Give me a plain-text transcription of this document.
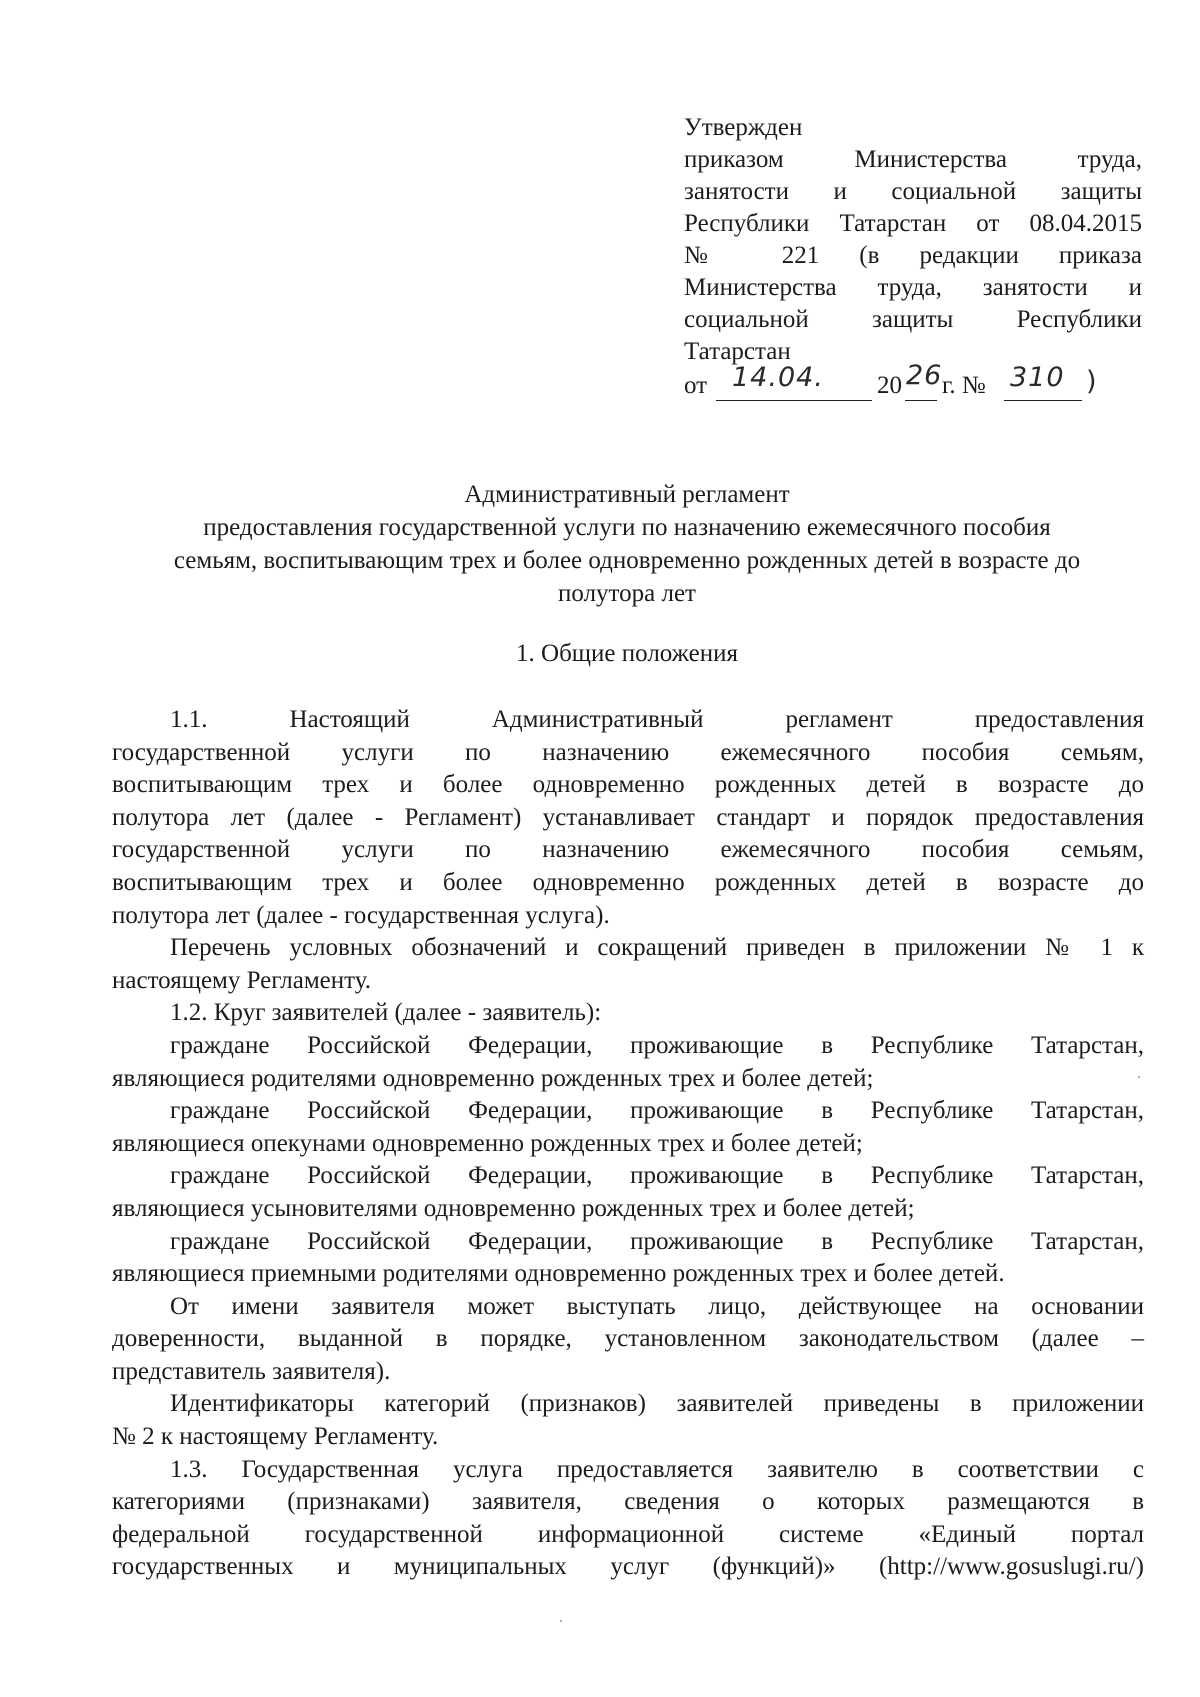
Утвержден
приказом Министерства труда,
занятости и социальной защиты
Республики Татарстан от 08.04.2015
№ 221 (в редакции приказа
Министерства труда, занятости и
социальной защиты Республики
Татарстан
от 14.04. 20 26 г. № 310 )
Административный регламент
предоставления государственной услуги по назначению ежемесячного пособия
семьям, воспитывающим трех и более одновременно рожденных детей в возрасте до
полутора лет
1. Общие положения
1.1. Настоящий Административный регламент предоставления
государственной услуги по назначению ежемесячного пособия семьям,
воспитывающим трех и более одновременно рожденных детей в возрасте до
полутора лет (далее - Регламент) устанавливает стандарт и порядок предоставления
государственной услуги по назначению ежемесячного пособия семьям,
воспитывающим трех и более одновременно рожденных детей в возрасте до
полутора лет (далее - государственная услуга).
Перечень условных обозначений и сокращений приведен в приложении № 1 к
настоящему Регламенту.
1.2. Круг заявителей (далее - заявитель):
граждане Российской Федерации, проживающие в Республике Татарстан,
являющиеся родителями одновременно рожденных трех и более детей;
граждане Российской Федерации, проживающие в Республике Татарстан,
являющиеся опекунами одновременно рожденных трех и более детей;
граждане Российской Федерации, проживающие в Республике Татарстан,
являющиеся усыновителями одновременно рожденных трех и более детей;
граждане Российской Федерации, проживающие в Республике Татарстан,
являющиеся приемными родителями одновременно рожденных трех и более детей.
От имени заявителя может выступать лицо, действующее на основании
доверенности, выданной в порядке, установленном законодательством (далее –
представитель заявителя).
Идентификаторы категорий (признаков) заявителей приведены в приложении
№ 2 к настоящему Регламенту.
1.3. Государственная услуга предоставляется заявителю в соответствии с
категориями (признаками) заявителя, сведения о которых размещаются в
федеральной государственной информационной системе «Единый портал
государственных и муниципальных услуг (функций)» (http://www.gosuslugi.ru/)
